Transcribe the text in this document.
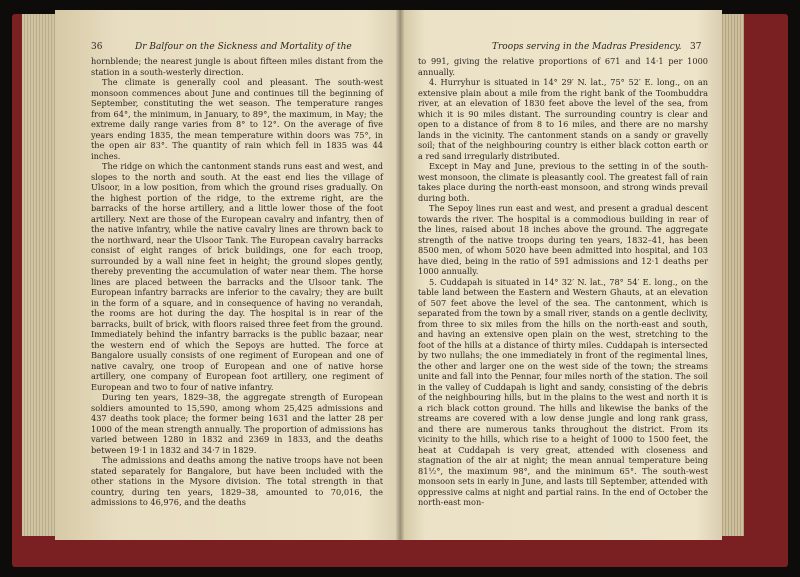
36	Dr Balfour on the Sickness and Mortality of the

hornblende; the nearest jungle is about fifteen miles distant from the station in a south-westerly direction.

The climate is generally cool and pleasant. The south-west monsoon commences about June and continues till the beginning of September, constituting the wet season. The temperature ranges from 64°, the minimum, in January, to 89°, the maximum, in May; the extreme daily range varies from 8° to 12°. On the average of five years ending 1835, the mean temperature within doors was 75°, in the open air 83°. The quantity of rain which fell in 1835 was 44 inches.

The ridge on which the cantonment stands runs east and west, and slopes to the north and south. At the east end lies the village of Ulsoor, in a low position, from which the ground rises gradually. On the highest portion of the ridge, to the extreme right, are the barracks of the horse artillery, and a little lower those of the foot artillery. Next are those of the European cavalry and infantry, then of the native infantry, while the native cavalry lines are thrown back to the northward, near the Ulsoor Tank. The European cavalry barracks consist of eight ranges of brick buildings, one for each troop, surrounded by a wall nine feet in height; the ground slopes gently, thereby preventing the accumulation of water near them. The horse lines are placed between the barracks and the Ulsoor tank. The European infantry barracks are inferior to the cavalry; they are built in the form of a square, and in consequence of having no verandah, the rooms are hot during the day. The hospital is in rear of the barracks, built of brick, with floors raised three feet from the ground. Immediately behind the infantry barracks is the public bazaar, near the western end of which the Sepoys are hutted. The force at Bangalore usually consists of one regiment of European and one of native cavalry, one troop of European and one of native horse artillery, one company of European foot artillery, one regiment of European and two to four of native infantry.

During ten years, 1829–38, the aggregate strength of European soldiers amounted to 15,590, among whom 25,425 admissions and 437 deaths took place; the former being 1631 and the latter 28 per 1000 of the mean strength annually. The proportion of admissions has varied between 1280 in 1832 and 2369 in 1833, and the deaths between 19·1 in 1832 and 34·7 in 1829.

The admissions and deaths among the native troops have not been stated separately for Bangalore, but have been included with the other stations in the Mysore division. The total strength in that country, during ten years, 1829–38, amounted to 70,016, the admissions to 46,976, and the deaths

Troops serving in the Madras Presidency. 37

to 991, giving the relative proportions of 671 and 14·1 per 1000 annually.

4. Hurryhur is situated in 14° 29′ N. lat., 75° 52′ E. long., on an extensive plain about a mile from the right bank of the Toombuddra river, at an elevation of 1830 feet above the level of the sea, from which it is 90 miles distant. The surrounding country is clear and open to a distance of from 8 to 16 miles, and there are no marshy lands in the vicinity. The cantonment stands on a sandy or gravelly soil; that of the neighbouring country is either black cotton earth or a red sand irregularly distributed.

Except in May and June, previous to the setting in of the south-west monsoon, the climate is pleasantly cool. The greatest fall of rain takes place during the north-east monsoon, and strong winds prevail during both.

The Sepoy lines run east and west, and present a gradual descent towards the river. The hospital is a commodious building in rear of the lines, raised about 18 inches above the ground. The aggregate strength of the native troops during ten years, 1832–41, has been 8500 men, of whom 5020 have been admitted into hospital, and 103 have died, being in the ratio of 591 admissions and 12·1 deaths per 1000 annually.

5. Cuddapah is situated in 14° 32′ N. lat., 78° 54′ E. long., on the table land between the Eastern and Western Ghauts, at an elevation of 507 feet above the level of the sea. The cantonment, which is separated from the town by a small river, stands on a gentle declivity, from three to six miles from the hills on the north-east and south, and having an extensive open plain on the west, stretching to the foot of the hills at a distance of thirty miles. Cuddapah is intersected by two nullahs; the one immediately in front of the regimental lines, the other and larger one on the west side of the town; the streams unite and fall into the Pennar, four miles north of the station. The soil in the valley of Cuddapah is light and sandy, consisting of the debris of the neighbouring hills, but in the plains to the west and north it is a rich black cotton ground. The hills and likewise the banks of the streams are covered with a low dense jungle and long rank grass, and there are numerous tanks throughout the district. From its vicinity to the hills, which rise to a height of 1000 to 1500 feet, the heat at Cuddapah is very great, attended with closeness and stagnation of the air at night; the mean annual temperature being 81½°, the maximum 98°, and the minimum 65°. The south-west monsoon sets in early in June, and lasts till September, attended with oppressive calms at night and partial rains. In the end of October the north-east mon-
